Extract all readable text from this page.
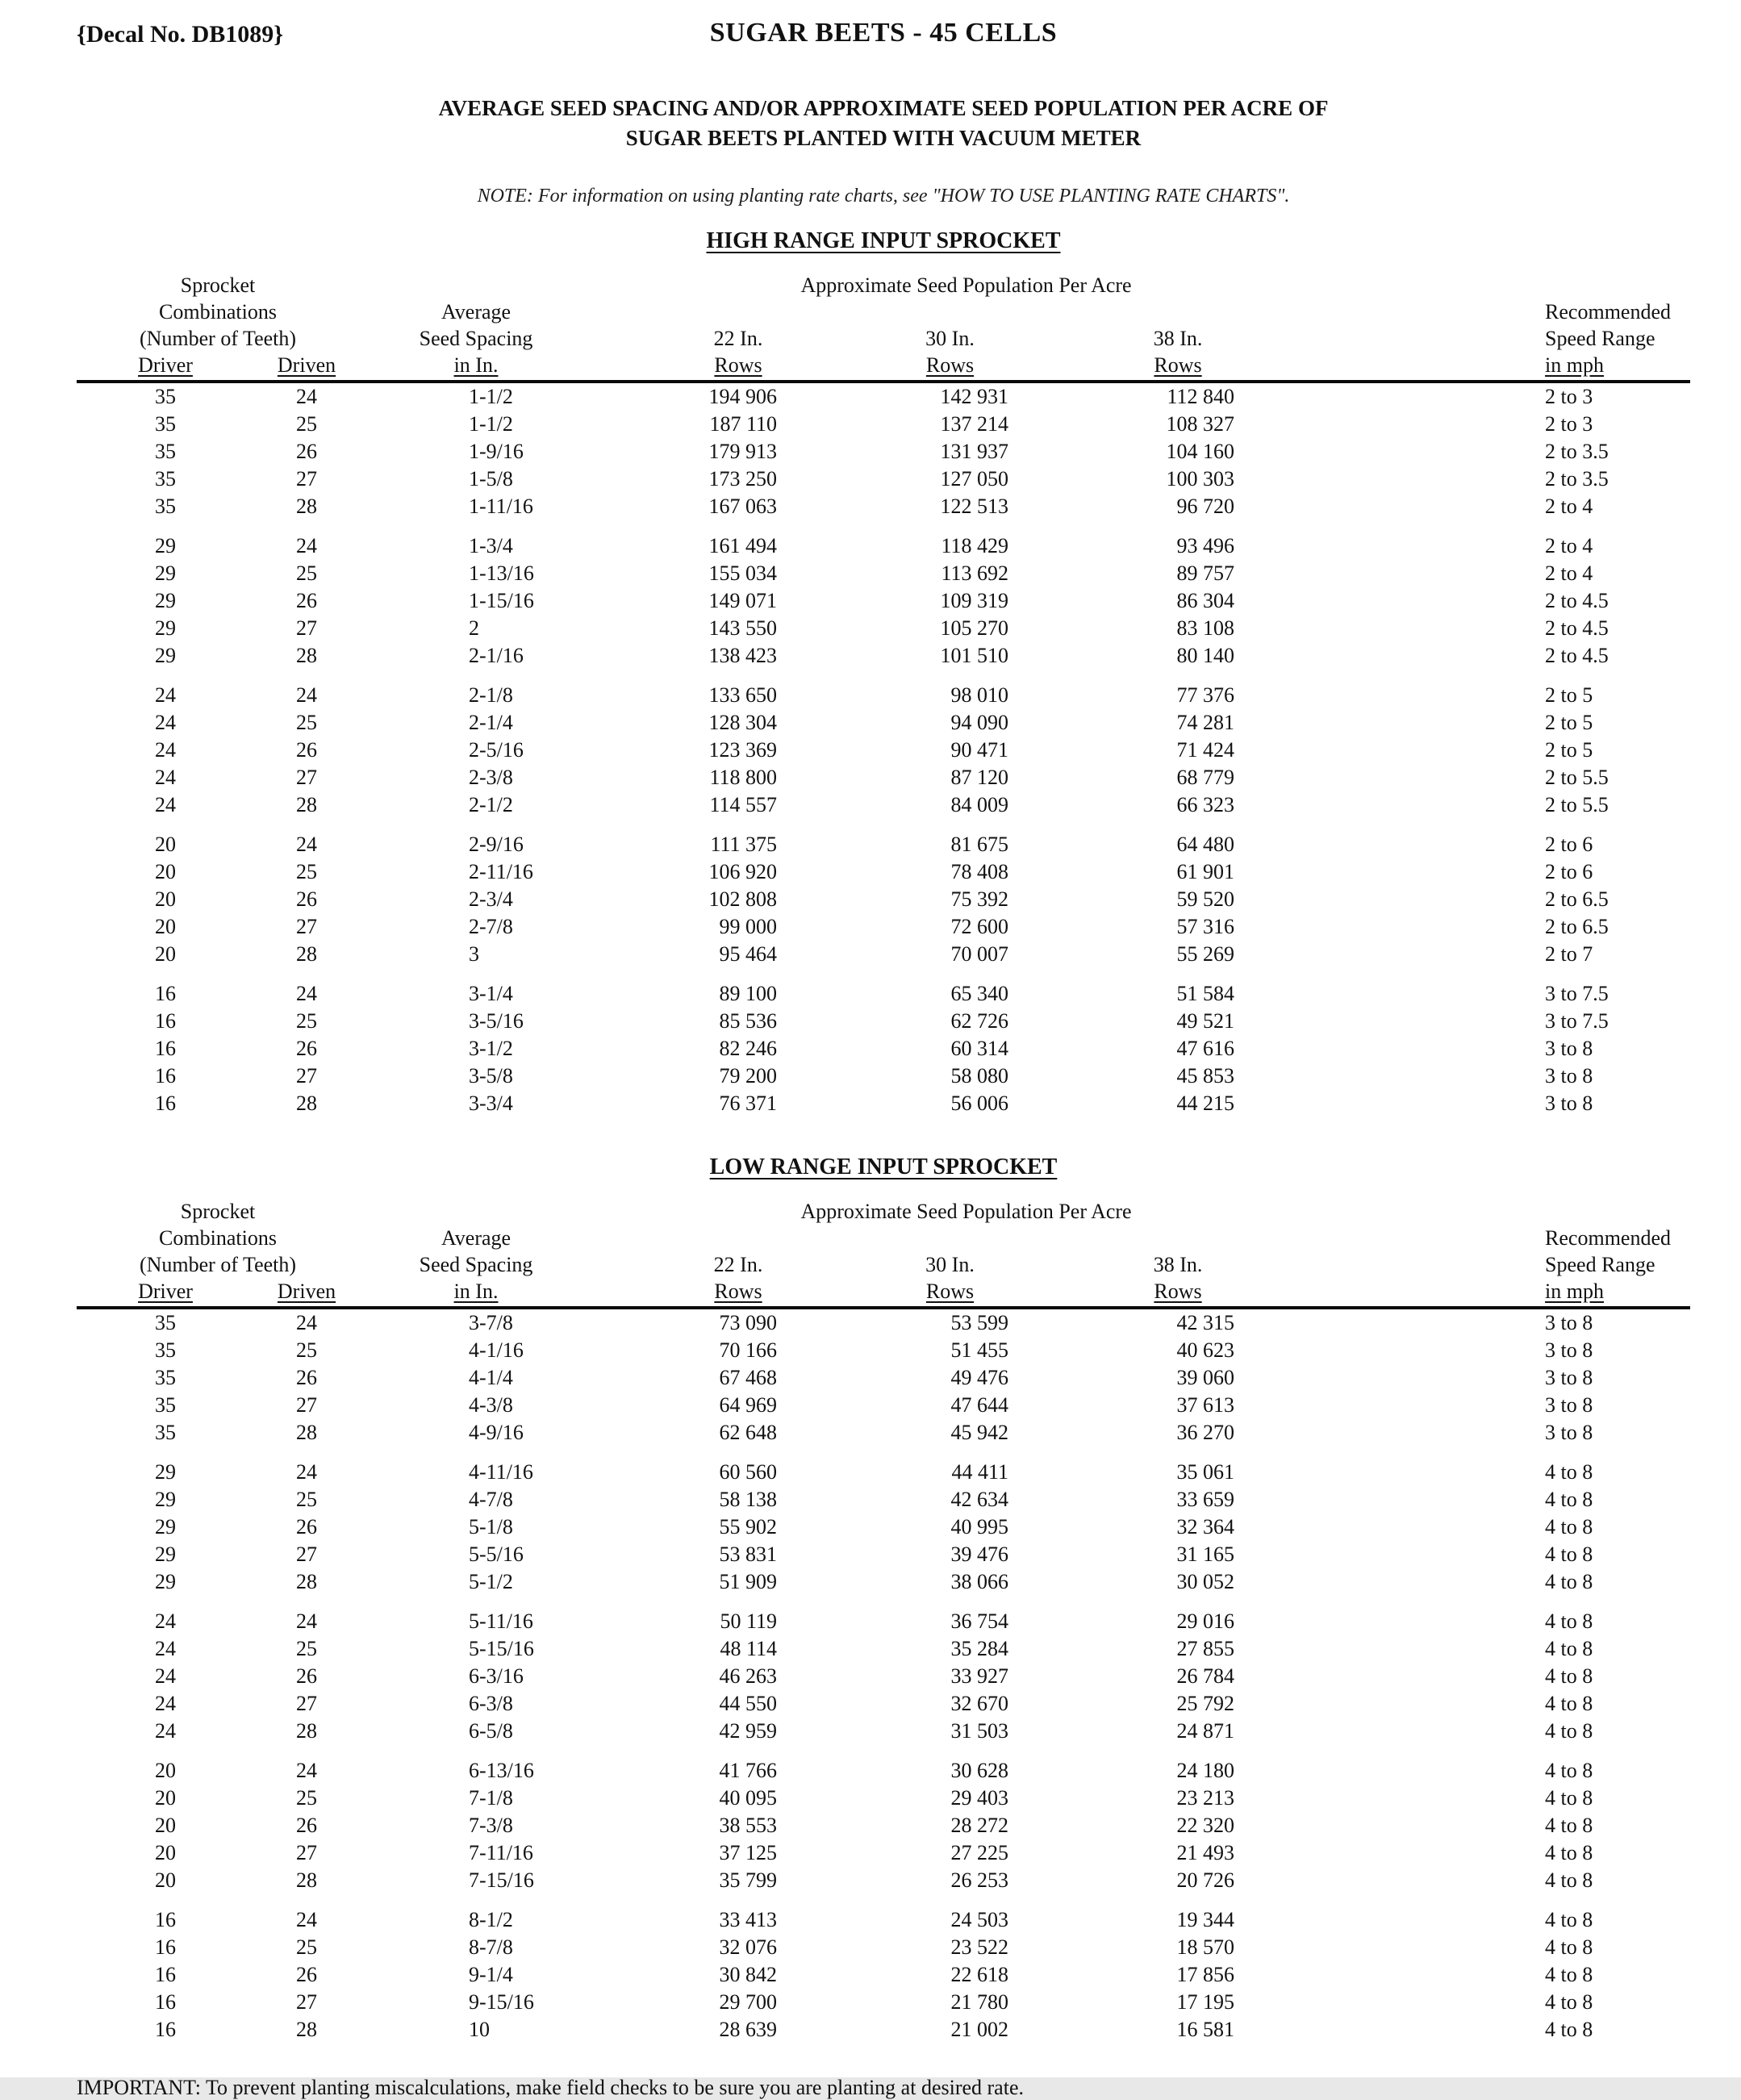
{Decal No. DB1089}	SUGAR BEETS - 45 CELLS
AVERAGE SEED SPACING AND/OR APPROXIMATE SEED POPULATION PER ACRE OF
SUGAR BEETS PLANTED WITH VACUUM METER
NOTE: For information on using planting rate charts, see "HOW TO USE PLANTING RATE CHARTS".
HIGH RANGE INPUT SPROCKET
Sprocket			Approximate Seed Population Per Acre			
Combinations		Average				Recommended
(Number of Teeth)		Seed Spacing	22 In.	30 In.	38 In.	Speed Range
Driver	Driven	in In.	Rows	Rows	Rows	in mph
35	24	1-1/2	194 906	142 931	112 840	2 to 3
35	25	1-1/2	187 110	137 214	108 327	2 to 3
35	26	1-9/16	179 913	131 937	104 160	2 to 3.5
35	27	1-5/8	173 250	127 050	100 303	2 to 3.5
35	28	1-11/16	167 063	122 513	96 720	2 to 4

29	24	1-3/4	161 494	118 429	93 496	2 to 4
29	25	1-13/16	155 034	113 692	89 757	2 to 4
29	26	1-15/16	149 071	109 319	86 304	2 to 4.5
29	27	2	143 550	105 270	83 108	2 to 4.5
29	28	2-1/16	138 423	101 510	80 140	2 to 4.5

24	24	2-1/8	133 650	98 010	77 376	2 to 5
24	25	2-1/4	128 304	94 090	74 281	2 to 5
24	26	2-5/16	123 369	90 471	71 424	2 to 5
24	27	2-3/8	118 800	87 120	68 779	2 to 5.5
24	28	2-1/2	114 557	84 009	66 323	2 to 5.5

20	24	2-9/16	111 375	81 675	64 480	2 to 6
20	25	2-11/16	106 920	78 408	61 901	2 to 6
20	26	2-3/4	102 808	75 392	59 520	2 to 6.5
20	27	2-7/8	99 000	72 600	57 316	2 to 6.5
20	28	3	95 464	70 007	55 269	2 to 7

16	24	3-1/4	89 100	65 340	51 584	3 to 7.5
16	25	3-5/16	85 536	62 726	49 521	3 to 7.5
16	26	3-1/2	82 246	60 314	47 616	3 to 8
16	27	3-5/8	79 200	58 080	45 853	3 to 8
16	28	3-3/4	76 371	56 006	44 215	3 to 8
LOW RANGE INPUT SPROCKET
Sprocket			Approximate Seed Population Per Acre			
Combinations		Average				Recommended
(Number of Teeth)		Seed Spacing	22 In.	30 In.	38 In.	Speed Range
Driver	Driven	in In.	Rows	Rows	Rows	in mph
35	24	3-7/8	73 090	53 599	42 315	3 to 8
35	25	4-1/16	70 166	51 455	40 623	3 to 8
35	26	4-1/4	67 468	49 476	39 060	3 to 8
35	27	4-3/8	64 969	47 644	37 613	3 to 8
35	28	4-9/16	62 648	45 942	36 270	3 to 8

29	24	4-11/16	60 560	44 411	35 061	4 to 8
29	25	4-7/8	58 138	42 634	33 659	4 to 8
29	26	5-1/8	55 902	40 995	32 364	4 to 8
29	27	5-5/16	53 831	39 476	31 165	4 to 8
29	28	5-1/2	51 909	38 066	30 052	4 to 8

24	24	5-11/16	50 119	36 754	29 016	4 to 8
24	25	5-15/16	48 114	35 284	27 855	4 to 8
24	26	6-3/16	46 263	33 927	26 784	4 to 8
24	27	6-3/8	44 550	32 670	25 792	4 to 8
24	28	6-5/8	42 959	31 503	24 871	4 to 8

20	24	6-13/16	41 766	30 628	24 180	4 to 8
20	25	7-1/8	40 095	29 403	23 213	4 to 8
20	26	7-3/8	38 553	28 272	22 320	4 to 8
20	27	7-11/16	37 125	27 225	21 493	4 to 8
20	28	7-15/16	35 799	26 253	20 726	4 to 8

16	24	8-1/2	33 413	24 503	19 344	4 to 8
16	25	8-7/8	32 076	23 522	18 570	4 to 8
16	26	9-1/4	30 842	22 618	17 856	4 to 8
16	27	9-15/16	29 700	21 780	17 195	4 to 8
16	28	10	28 639	21 002	16 581	4 to 8
IMPORTANT: To prevent planting miscalculations, make field checks to be sure you are planting at desired rate.
